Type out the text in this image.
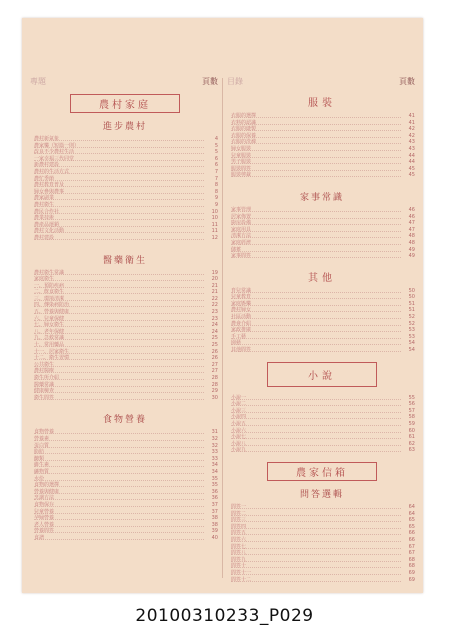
專題	頁數
農村家庭
進步農村
農村新氣象	4
農家樂（短篇一則）	5
改良不少農村生活	5
一家幸福三代同堂	6
新農村建設	6
農村的生活方式	7
農忙季節	7
農村教育普及	8
婦女參與農事	8
農家副業	9
農村衛生	9
農民合作社	10
農業技術	10
農產品運銷	11
農村文化活動	11
農村建設	12
醫藥衛生
農村衛生常識	19
家庭衛生	20
一、預防疾病	21
二、飲食衛生	21
三、環境清潔	22
四、傳染病防治	22
五、營養與健康	23
六、兒童保健	23
七、婦女衛生	24
八、老年保健	24
九、急救常識	25
十、常用藥品	25
十一、居家衛生	26
十二、衛生習慣	26
公共衛生	27
農村醫療	27
衛生所介紹	28
醫藥常識	28
健康檢查	29
衛生問答	30
食物營養
食物營養	31
營養素	32
蛋白質	32
脂肪	33
醣類	33
維生素	34
礦物質	34
水份	35
食物的選擇	35
營養與健康	36
烹調方法	36
食物保存	37
兒童營養	37
孕婦營養	38
老人營養	38
營養問答	39
食譜	40
目錄	頁數
服裝
衣服的選擇	41
衣料的認識	41
衣服的縫製	42
衣服的保養	42
衣服的洗滌	43
婦女服裝	43
兒童服裝	44
男子服裝	44
服裝問答	45
服裝剪裁	45
家事常識
家事管理	46
居家佈置	46
廚房設備	47
家庭用具	47
清潔方法	48
家庭經濟	48
儲蓄	49
家事問答	49
其他
育兒常識	50
兒童教育	50
家庭娛樂	51
農村婦女	51
社區活動	52
農會介紹	52
家政推廣	53
手工藝	53
園藝	54
其他問答	54
小說
小說一	55
小說二	56
小說三	57
小說四	58
小說五	59
小說六	60
小說七	61
小說八	62
小說九	63
農家信箱
問答選輯
問答一	64
問答二	64
問答三	65
問答四	65
問答五	66
問答六	66
問答七	67
問答八	67
問答九	68
問答十	68
問答十一	69
問答十二	69
20100310233_P029
